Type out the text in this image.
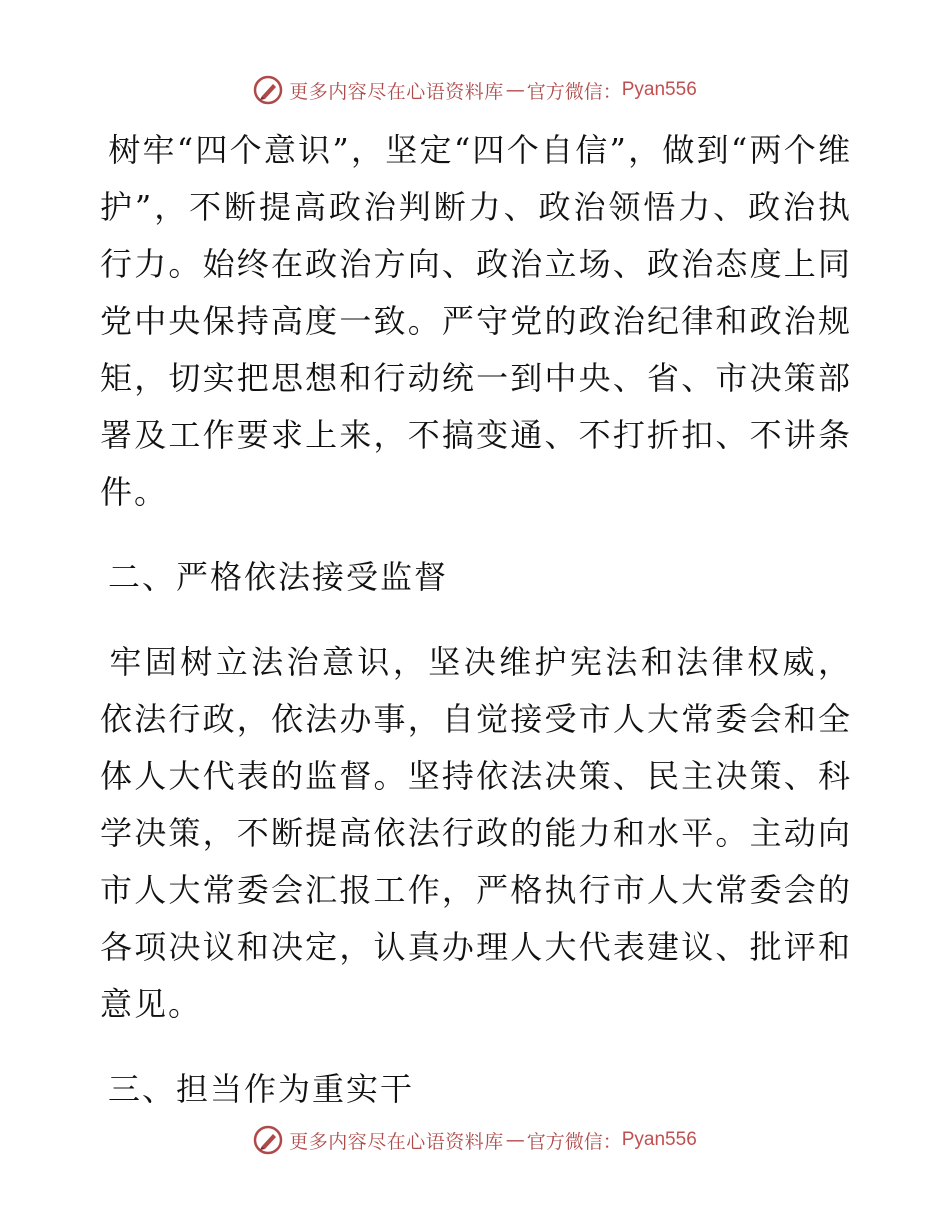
更多内容尽在心语资料库 — 官方微信： Pyan556

树牢“四个意识”，坚定“四个自信”，做到“两个维护”，不断提高政治判断力、政治领悟力、政治执行力。始终在政治方向、政治立场、政治态度上同党中央保持高度一致。严守党的政治纪律和政治规矩，切实把思想和行动统一到中央、省、市决策部署及工作要求上来，不搞变通、不打折扣、不讲条件。

二、严格依法接受监督

牢固树立法治意识，坚决维护宪法和法律权威，依法行政，依法办事，自觉接受市人大常委会和全体人大代表的监督。坚持依法决策、民主决策、科学决策，不断提高依法行政的能力和水平。主动向市人大常委会汇报工作，严格执行市人大常委会的各项决议和决定，认真办理人大代表建议、批评和意见。

三、担当作为重实干

更多内容尽在心语资料库 — 官方微信： Pyan556
